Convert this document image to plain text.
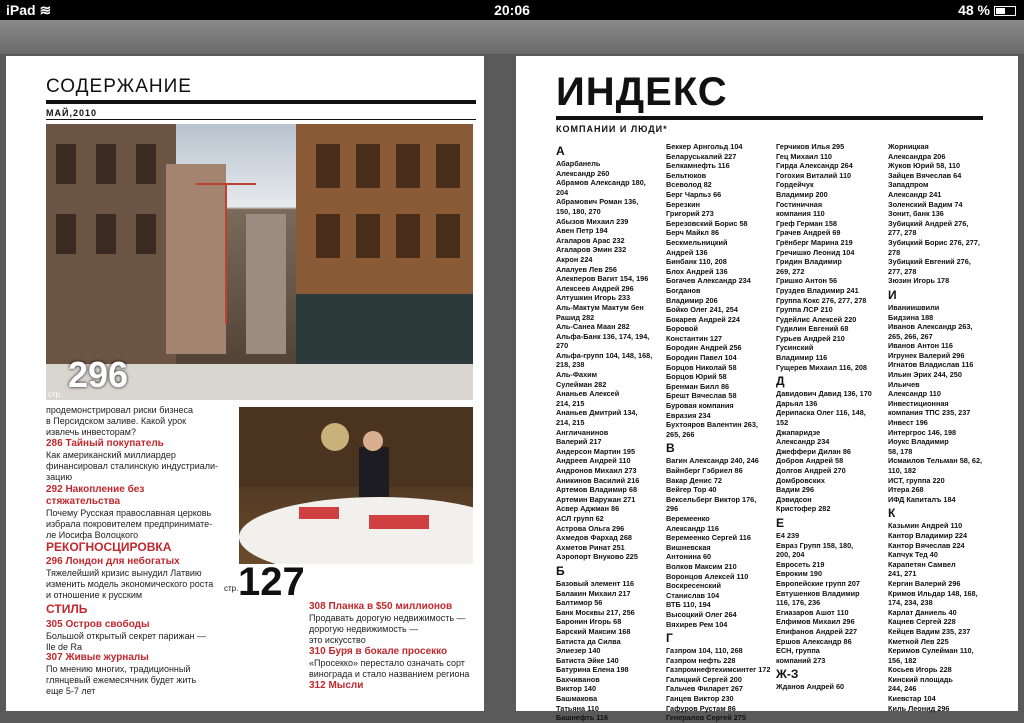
iPad ≋	20:06	48 %
СОДЕРЖАНИЕ
МАЙ,2010
стр. 296
продемонстрировал риски бизнеса
в Персидском заливе. Какой урок
извлечь инвесторам?
286 Тайный покупатель
Как американский миллиардер
финансировал сталинскую индустриали-
зацию
292 Накопление без
стяжательства
Почему Русская православная церковь
избрала покровителем предпринимате-
ле Иосифа Волоцкого
РЕКОГНОСЦИРОВКА
296 Лондон для небогатых
Тяжелейший кризис вынудил Латвию
изменить модель экономического роста
и отношение к русским
СТИЛЬ
305 Остров свободы
Большой открытый секрет парижан —
Ile de Ra
307 Живые журналы
По мнению многих, традиционный
глянцевый ежемесячник будет жить
еще 5-7 лет
стр. 127
308 Планка в $50 миллионов
Продавать дорогую недвижимость —
дорогую недвижимость —
это искусство
310 Буря в бокале просекко
«Просекко» перестало означать сорт
винограда и стало названием региона
312 Мысли
ИНДЕКС
КОМПАНИИ И ЛЮДИ*
А
Абарбанель
Александр 260
Абрамов Александр 180,
204
Абрамович Роман 136,
150, 180, 270
Абызов Михаил 239
Авен Петр 194
Агаларов Арас 232
Агаларов Эмин 232
Акрон 224
Алалуев Лев 256
Алекперов Вагит 154, 196
Алексеев Андрей 296
Алтушкин Игорь 233
Аль-Мактум Мактум бен
Рашид 282
Аль-Санеа Маан 282
Альфа-Банк 136, 174, 194,
270
Альфа-групп 104, 148, 168,
218, 238
Аль-Фахим
Сулейман 282
Ананьев Алексей
214, 215
Ананьев Дмитрий 134,
214, 215
Англичанинов
Валерий 217
Андерсон Мартин 195
Андреев Андрей 110
Андронов Михаил 273
Аникинов Василий 216
Артемов Владимир 68
Артемин Варужан 271
Асвер Аджман 86
АСЛ групп 62
Астрова Ольга 296
Ахмедов Фархад 268
Ахметов Ринат 251
Аэропорт Внуково 225
Б
Базовый элемент 116
Балакин Михаил 217
Балтимор 56
Банк Москвы 217, 256
Баронин Игорь 68
Барский Максим 168
Батиста да Силва
Элиезер 140
Батиста Эйке 140
Батурина Елена 198
Бахчиванов
Виктор 140
Башмакова
Татьяна 110
Башнефть 116
Беккер Арнгольд 104
Беларуськалий 227
Белкамнефть 116
Бельтюков
Всеволод 82
Берг Чарльз 66
Березкин
Григорий 273
Березовский Борис 58
Берч Майкл 86
Бескмельницкий
Андрей 136
Бинбанк 110, 208
Блох Андрей 136
Богачев Александр 234
Богданов
Владимир 206
Бойко Олег 241, 254
Бокарев Андрей 224
Боровой
Константин 127
Бородин Андрей 256
Бородин Павел 104
Борцов Николай 58
Борцов Юрий 58
Бренман Билл 86
Брешт Вячеслав 58
Буровая компания
Евразия 234
Бухтояров Валентин 263,
265, 266
В
Вагин Александр 240, 246
Вайнберг Гэбриел 86
Вакар Денис 72
Вейгер Тор 40
Вексельберг Виктор 176,
296
Веремеенко
Александр 116
Веремеенко Сергей 116
Вишневская
Антонина 60
Волков Максим 210
Воронцов Алексей 110
Воскресенский
Станислав 104
ВТБ 110, 194
Высоцкий Олег 264
Вяхирев Рем 104
Г
Газпром 104, 110, 268
Газпром нефть 228
Газпромнефтехимсинтег 172
Галицкий Сергей 200
Гальчев Филарет 267
Ганцев Виктор 230
Гафуров Рустам 86
Генералов Сергей 275
Герчиков Илья 295
Гец Михаил 110
Гирда Александр 264
Гогохия Виталий 110
Гордейчук
Владимир 200
Гостиничная
компания 110
Греф Герман 158
Грачев Андрей 69
Грёнберг Марина 219
Гречишко Леонид 104
Гридин Владимир
269, 272
Гришко Антон 56
Груздев Владимир 241
Группа Кокс 276, 277, 278
Группа ЛСР 210
Гудейлис Алексей 220
Гудилин Евгений 68
Гурьев Андрей 210
Гусинский
Владимир 116
Гущерев Михаил 116, 208
Д
Давидович Давид 136, 170
Дарьял 136
Дерипаска Олег 116, 148,
152
Джапаридзе
Александр 234
Джеффери Дилан 86
Добров Андрей 58
Долгов Андрей 270
Домбровских
Вадим 296
Дэвидсон
Кристофер 282
Е
Е4 239
Евраз Групп 158, 180,
200, 204
Евросеть 219
Евроким 190
Европейские групп 207
Евтушенков Владимир
116, 176, 236
Егиазаров Ашот 110
Елфимов Михаил 296
Епифанов Андрей 227
Ершов Александр 86
ЕСН, группа
компаний 273
Ж-З
Жданов Андрей 60
Жорницкая
Александра 206
Жуков Юрий 58, 110
Зайцев Вячеслав 64
Западпром
Александр 241
Золенский Вадим 74
Зонит, банк 136
Зубицкий Андрей 276,
277, 278
Зубицкий Борис 276, 277,
278
Зубицкий Евгений 276,
277, 278
Зюзин Игорь 178
И
Иваниишвили
Бидзина 188
Иванов Александр 263,
265, 266, 267
Иванов Антон 116
Игрунек Валерий 296
Игнатов Владислав 116
Ильин Эрих 244, 250
Ильичев
Александр 110
Инвестиционная
компания ТПС 235, 237
Инвест 196
Интергрос 146, 198
Иоукс Владимир
58, 178
Исмаилов Тельман 58, 62,
110, 182
ИСТ, группа 220
Итера 268
ИФД Капиталъ 184
К
Казьмин Андрей 110
Кантор Владимир 224
Кантор Вячеслав 224
Капчук Тед 40
Карапетян Самвел
241, 271
Кергин Валерий 296
Кримов Ильдар 148, 168,
174, 234, 238
Карлат Даниель 40
Кацнев Сергей 228
Кейцев Вадим 235, 237
Кметной Лев 225
Керимов Сулейман 110,
156, 182
Косьев Игорь 228
Кинский площадь
244, 246
Киевстар 104
Киль Леонид 296
